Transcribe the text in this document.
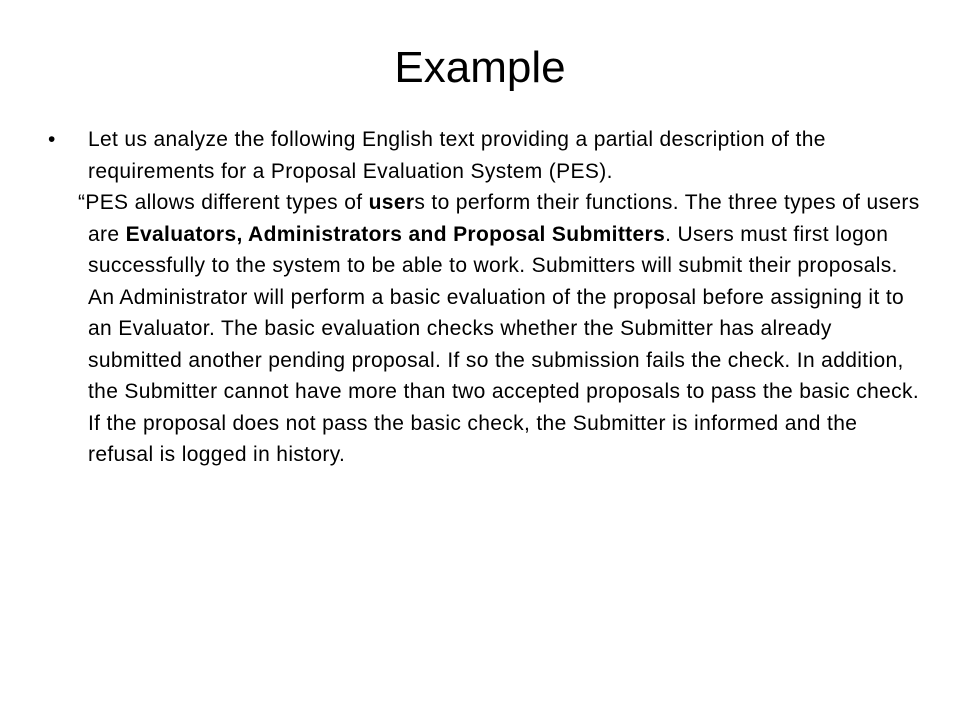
Example
•	Let us analyze the following English text providing a partial description of the requirements for a Proposal Evaluation System (PES).
“PES allows different types of users to perform their functions. The three types of users are Evaluators, Administrators and Proposal Submitters. Users must first logon successfully to the system to be able to work. Submitters will submit their proposals. An Administrator will perform a basic evaluation of the proposal before assigning it to an Evaluator. The basic evaluation checks whether the Submitter has already submitted another pending proposal. If so the submission fails the check. In addition, the Submitter cannot have more than two accepted proposals to pass the basic check. If the proposal does not pass the basic check, the Submitter is informed and the refusal is logged in history.
